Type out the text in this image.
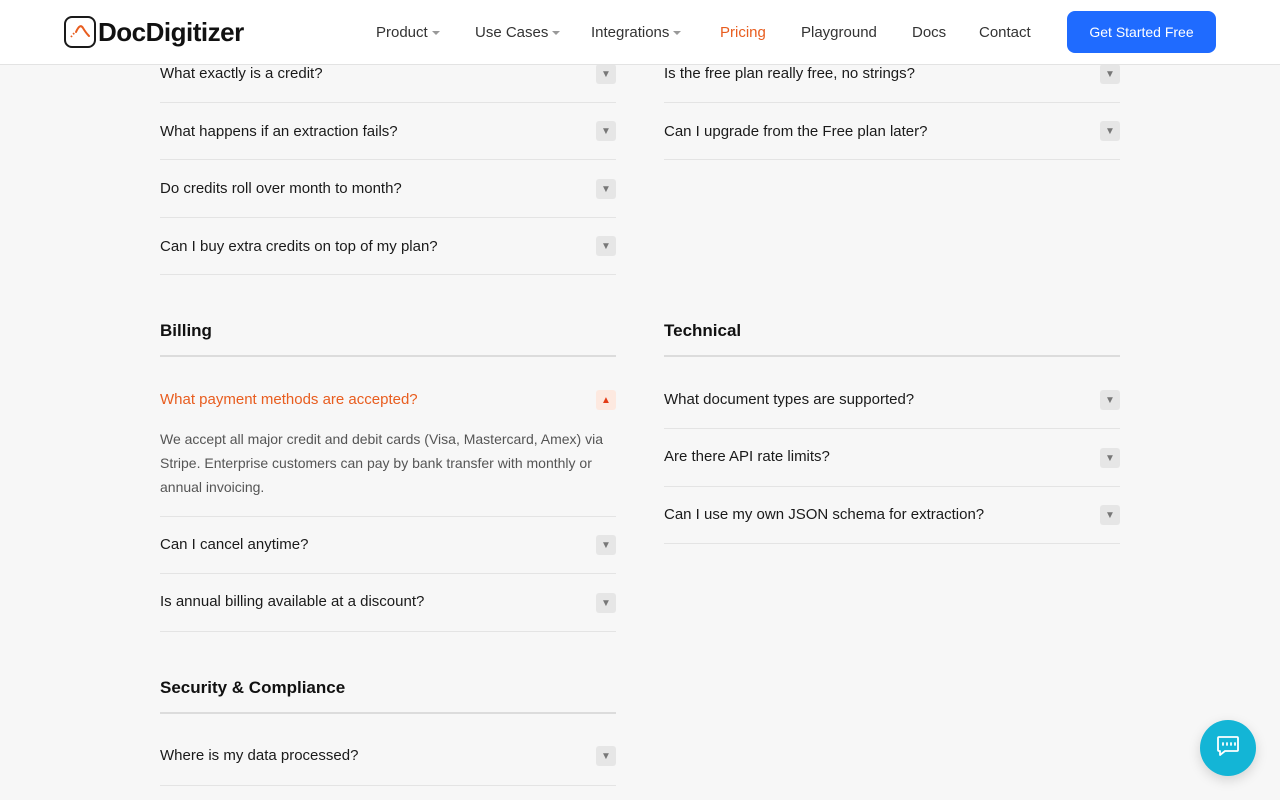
DocDigitizer	Product	Use Cases	Integrations	Pricing Playground Docs Contact	Get Started Free
What exactly is a credit?	▼
What happens if an extraction fails?	▼
Do credits roll over month to month?	▼
Can I buy extra credits on top of my plan?	▼
Billing
What payment methods are accepted?	▲

We accept all major credit and debit cards (Visa, Mastercard, Amex) via Stripe. Enterprise customers can pay by bank transfer with monthly or annual invoicing.

Can I cancel anytime?	▼
Is annual billing available at a discount?	▼
Security & Compliance
Where is my data processed?	▼
Is the free plan really free, no strings?	▼
Can I upgrade from the Free plan later?	▼
Technical
What document types are supported?	▼
Are there API rate limits?	▼
Can I use my own JSON schema for extraction?	▼
